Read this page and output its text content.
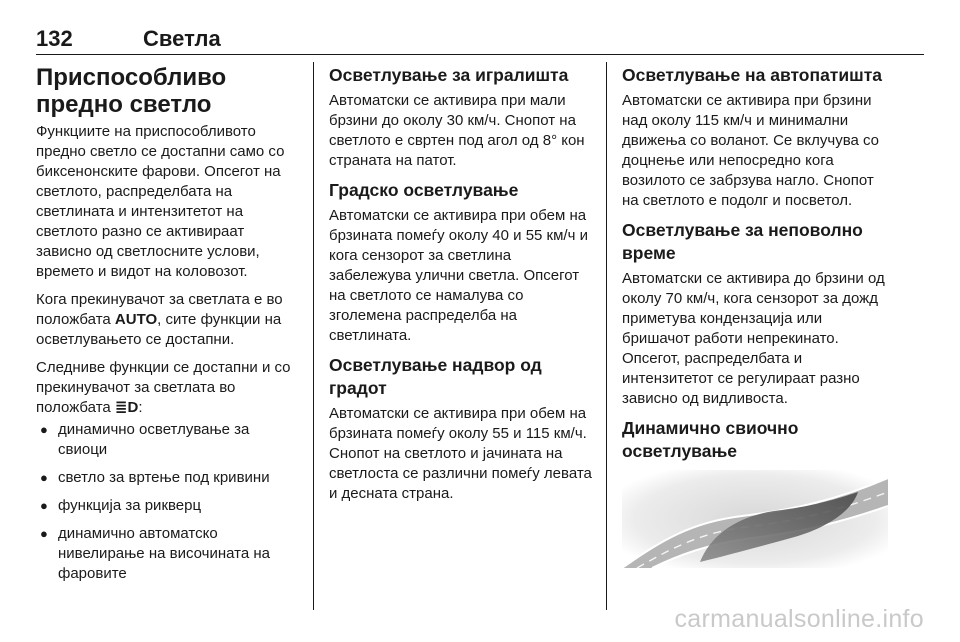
132	Светла
Приспособливо предно светло

Функциите на приспособливото предно светло се достапни само со биксенонските фарови. Опсегот на светлото, распределбата на светлината и интензитетот на светлото разно се активираат зависно од светлосните услови, времето и видот на коловозот.

Кога прекинувачот за светлата е во положбата AUTO, сите функции на осветлувањето се достапни.

Следниве функции се достапни и со прекинувачот за светлата во положбата ≣D:

● динамично осветлување за свиоци
● светло за вртење под кривини
● функција за рикверц
● динамично автоматско нивелирање на височината на фаровите
Осветлување за игралишта

Автоматски се активира при мали брзини до околу 30 км/ч. Снопот на светлото е свртен под агол од 8° кон страната на патот.

Градско осветлување

Автоматски се активира при обем на брзината помеѓу околу 40 и 55 км/ч и кога сензорот за светлина забележува улични светла. Опсегот на светлото се намалува со зголемена распределба на светлината.

Осветлување надвор од градот

Автоматски се активира при обем на брзината помеѓу околу 55 и 115 км/ч. Снопот на светлото и јачината на светлоста се различни помеѓу левата и десната страна.

Осветлување на автопатишта

Автоматски се активира при брзини над околу 115 км/ч и минимални движења со воланот. Се вклучува со доцнење или непосредно кога возилото се забрзува нагло. Снопот на светлото е подолг и посветол.

Осветлување за неповолно време

Автоматски се активира до брзини од околу 70 км/ч, кога сензорот за дожд приметува кондензација или бришачот работи непрекинато. Опсегот, распределбата и интензитетот се регулираат разно зависно од видливоста.

Динамично свиочно осветлување
carmanualsonline.info
